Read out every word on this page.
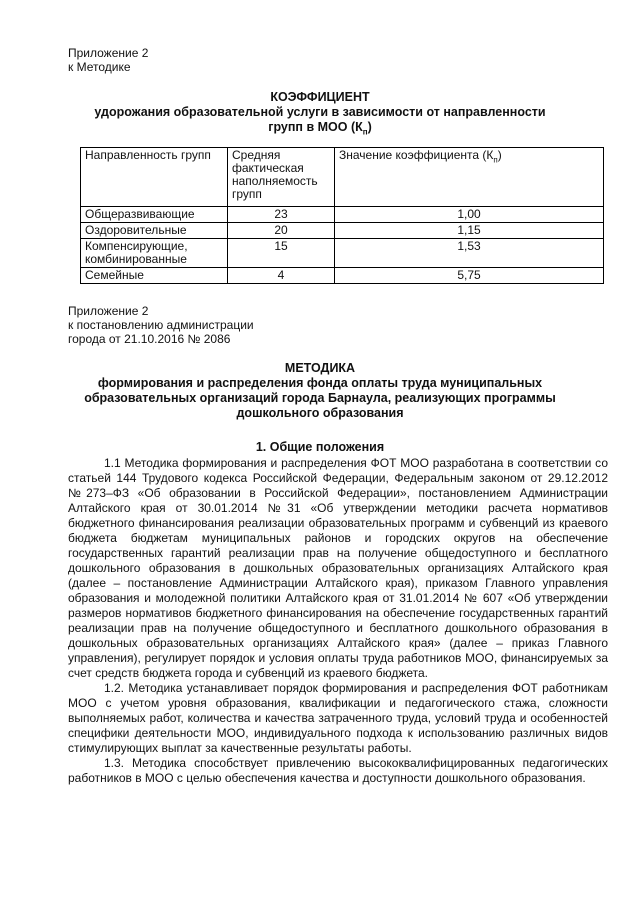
Приложение 2
к Методике
КОЭФФИЦИЕНТ
удорожания образовательной услуги в зависимости от направленности
групп в МОО $(К_п)$
Направленность групп	Средняя фактическая наполняемость групп	Значение коэффициента $(К_п)$
Общеразвивающие	23	1,00
Оздоровительные	20	1,15
Компенсирующие, комбинированные	15	1,53
Семейные	4	5,75
Приложение 2
к постановлению администрации
города от 21.10.2016 № 2086
МЕТОДИКА
формирования и распределения фонда оплаты труда муниципальных
образовательных организаций города Барнаула, реализующих программы
дошкольного образования
1. Общие положения

1.1 Методика формирования и распределения ФОТ МОО разработана в соответствии со статьей 144 Трудового кодекса Российской Федерации, Федеральным законом от 29.12.2012 №273–ФЗ «Об образовании в Российской Федерации», постановлением Администрации Алтайского края от 30.01.2014 №31 «Об утверждении методики расчета нормативов бюджетного финансирования реализации образовательных программ и субвенций из краевого бюджета бюджетам муниципальных районов и городских округов на обеспечение государственных гарантий реализации прав на получение общедоступного и бесплатного дошкольного образования в дошкольных образовательных организациях Алтайского края (далее – постановление Администрации Алтайского края), приказом Главного управления образования и молодежной политики Алтайского края от 31.01.2014 № 607 «Об утверждении размеров нормативов бюджетного финансирования на обеспечение государственных гарантий реализации прав на получение общедоступного и бесплатного дошкольного образования в дошкольных образовательных организациях Алтайского края» (далее – приказ Главного управления), регулирует порядок и условия оплаты труда работников МОО, финансируемых за счет средств бюджета города и субвенций из краевого бюджета.

1.2. Методика устанавливает порядок формирования и распределения ФОТ работникам МОО с учетом уровня образования, квалификации и педагогического стажа, сложности выполняемых работ, количества и качества затраченного труда, условий труда и особенностей специфики деятельности МОО, индивидуального подхода к использованию различных видов стимулирующих выплат за качественные результаты работы.

1.3. Методика способствует привлечению высококвалифицированных педагогических работников в МОО с целью обеспечения качества и доступности дошкольного образования.
